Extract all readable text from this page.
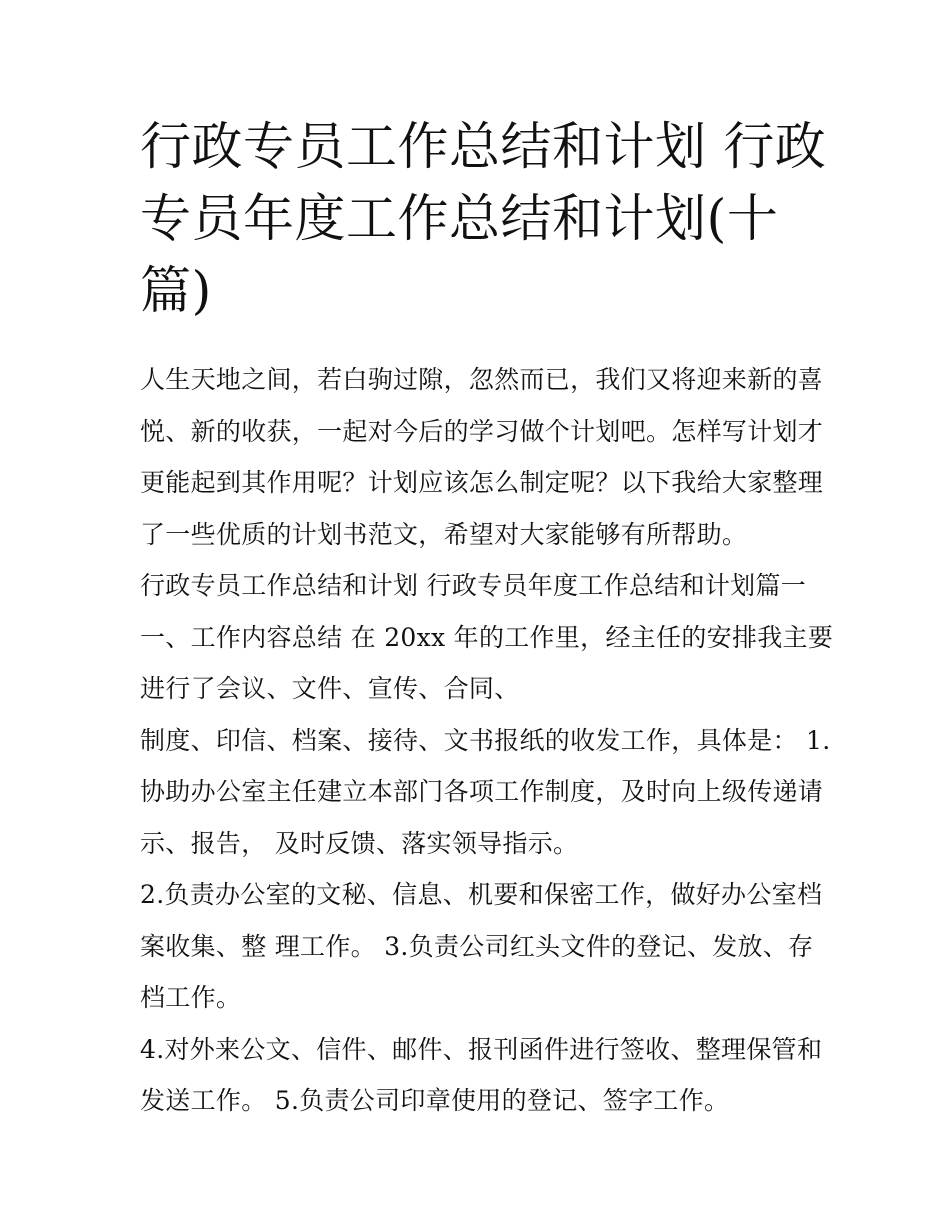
行政专员工作总结和计划 行政
专员年度工作总结和计划(十
篇)
人生天地之间，若白驹过隙，忽然而已，我们又将迎来新的喜
悦、新的收获，一起对今后的学习做个计划吧。怎样写计划才
更能起到其作用呢？计划应该怎么制定呢？以下我给大家整理
了一些优质的计划书范文，希望对大家能够有所帮助。
行政专员工作总结和计划 行政专员年度工作总结和计划篇一
一、工作内容总结 在 20xx 年的工作里，经主任的安排我主要
进行了会议、文件、宣传、合同、
制度、印信、档案、接待、文书报纸的收发工作，具体是： 1.
协助办公室主任建立本部门各项工作制度，及时向上级传递请
示、报告， 及时反馈、落实领导指示。
2.负责办公室的文秘、信息、机要和保密工作，做好办公室档
案收集、整 理工作。 3.负责公司红头文件的登记、发放、存
档工作。
4.对外来公文、信件、邮件、报刊函件进行签收、整理保管和
发送工作。 5.负责公司印章使用的登记、签字工作。
